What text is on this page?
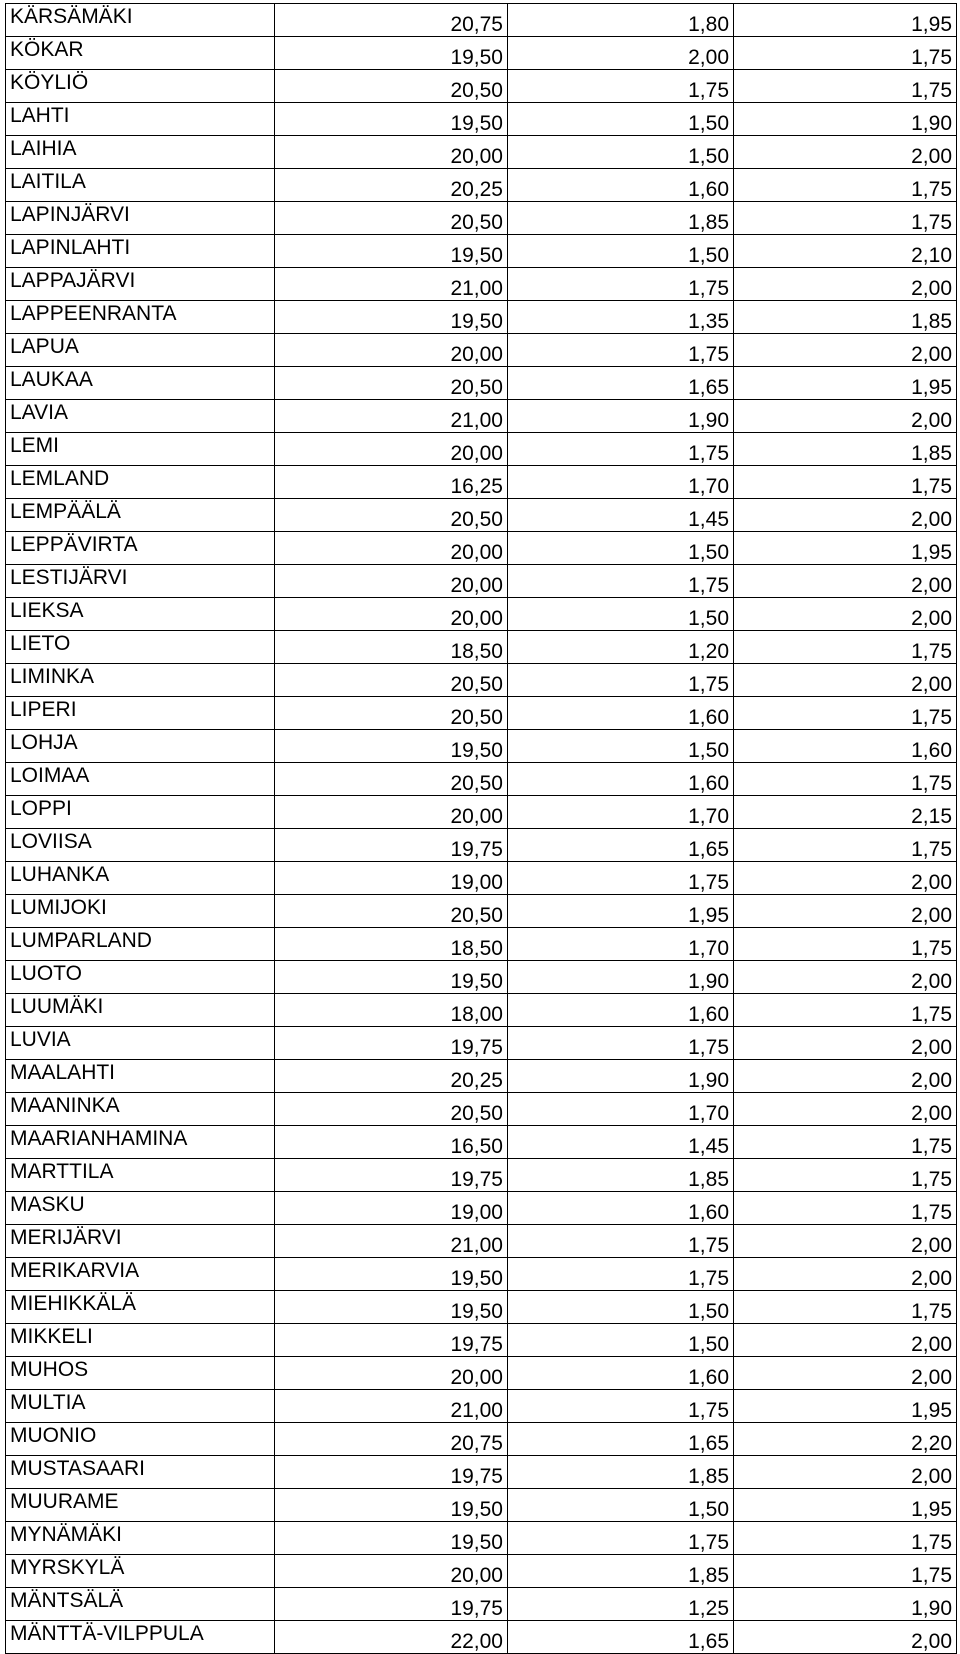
KÄRSÄMÄKI	20,75	1,80	1,95
KÖKAR	19,50	2,00	1,75
KÖYLIÖ	20,50	1,75	1,75
LAHTI	19,50	1,50	1,90
LAIHIA	20,00	1,50	2,00
LAITILA	20,25	1,60	1,75
LAPINJÄRVI	20,50	1,85	1,75
LAPINLAHTI	19,50	1,50	2,10
LAPPAJÄRVI	21,00	1,75	2,00
LAPPEENRANTA	19,50	1,35	1,85
LAPUA	20,00	1,75	2,00
LAUKAA	20,50	1,65	1,95
LAVIA	21,00	1,90	2,00
LEMI	20,00	1,75	1,85
LEMLAND	16,25	1,70	1,75
LEMPÄÄLÄ	20,50	1,45	2,00
LEPPÄVIRTA	20,00	1,50	1,95
LESTIJÄRVI	20,00	1,75	2,00
LIEKSA	20,00	1,50	2,00
LIETO	18,50	1,20	1,75
LIMINKA	20,50	1,75	2,00
LIPERI	20,50	1,60	1,75
LOHJA	19,50	1,50	1,60
LOIMAA	20,50	1,60	1,75
LOPPI	20,00	1,70	2,15
LOVIISA	19,75	1,65	1,75
LUHANKA	19,00	1,75	2,00
LUMIJOKI	20,50	1,95	2,00
LUMPARLAND	18,50	1,70	1,75
LUOTO	19,50	1,90	2,00
LUUMÄKI	18,00	1,60	1,75
LUVIA	19,75	1,75	2,00
MAALAHTI	20,25	1,90	2,00
MAANINKA	20,50	1,70	2,00
MAARIANHAMINA	16,50	1,45	1,75
MARTTILA	19,75	1,85	1,75
MASKU	19,00	1,60	1,75
MERIJÄRVI	21,00	1,75	2,00
MERIKARVIA	19,50	1,75	2,00
MIEHIKKÄLÄ	19,50	1,50	1,75
MIKKELI	19,75	1,50	2,00
MUHOS	20,00	1,60	2,00
MULTIA	21,00	1,75	1,95
MUONIO	20,75	1,65	2,20
MUSTASAARI	19,75	1,85	2,00
MUURAME	19,50	1,50	1,95
MYNÄMÄKI	19,50	1,75	1,75
MYRSKYLÄ	20,00	1,85	1,75
MÄNTSÄLÄ	19,75	1,25	1,90
MÄNTTÄ-VILPPULA	22,00	1,65	2,00
